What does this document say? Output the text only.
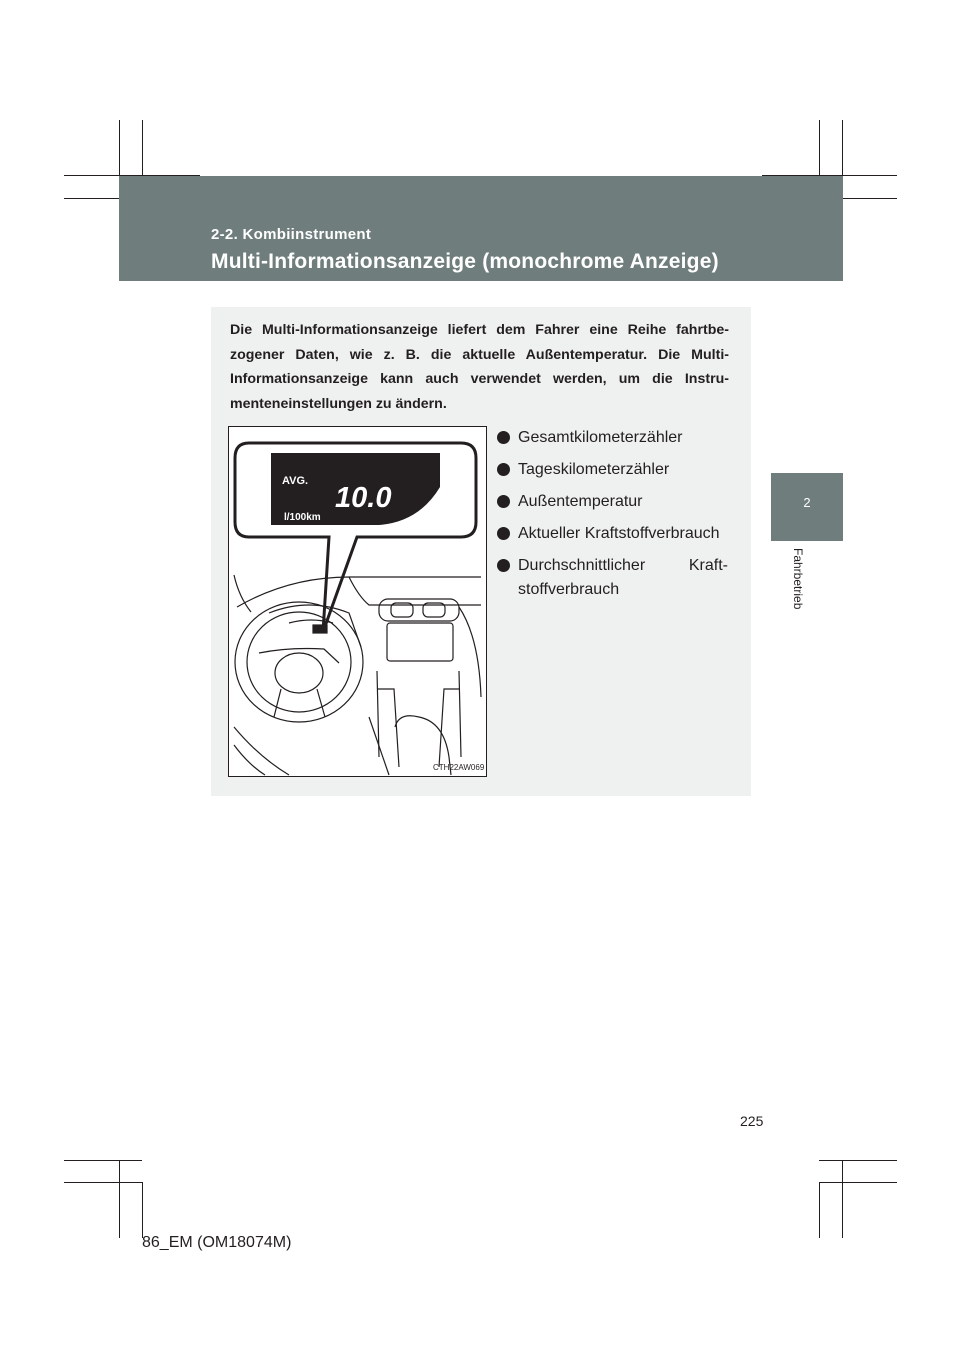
2-2. Kombiinstrument
Multi-Informationsanzeige (monochrome Anzeige)
2
Fahrbetrieb
Die Multi-Informationsanzeige liefert dem Fahrer eine Reihe fahrtbezogener Daten, wie z. B. die aktuelle Außentemperatur. Die Multi-Informationsanzeige kann auch verwendet werden, um die Instrumenteneinstellungen zu ändern.
AVG.
10.0
l/100km
CTH22AW069
Gesamtkilometerzähler
Tageskilometerzähler
Außentemperatur
Aktueller Kraftstoffverbrauch
Durchschnittlicher Kraftstoffverbrauch
225
86_EM (OM18074M)
